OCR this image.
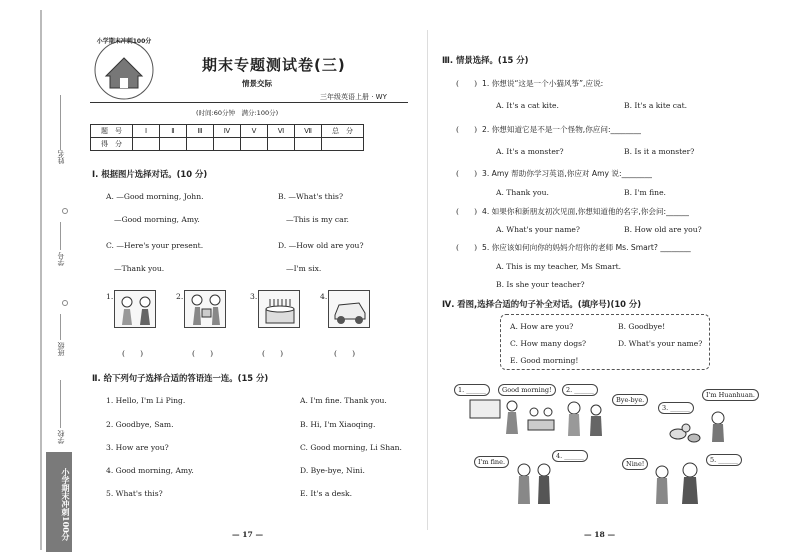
姓名
学号
班级
学校
小学期末冲刺100分
小学期末冲刺100分
期末专题测试卷(三)
情景交际
三年级英语上册 · WY
(时间:60分钟　满分:100分)
题　号	Ⅰ	Ⅱ	Ⅲ	Ⅳ	Ⅴ	Ⅵ	Ⅶ	总　分
得　分								
Ⅰ. 根据图片选择对话。(10 分)
A. —Good morning, John.
—Good morning, Amy.
B. —What's this?
—This is my car.
C. —Here's your present.
—Thank you.
D. —How old are you?
—I'm six.
1.	2.	3.	4.
(　　)	(　　)	(　　)	(　　)
Ⅱ. 给下列句子选择合适的答语连一连。(15 分)
1. Hello, I'm Li Ping.
2. Goodbye, Sam.
3. How are you?
4. Good morning, Amy.
5. What's this?
A. I'm fine. Thank you.
B. Hi, I'm Xiaoqing.
C. Good morning, Li Shan.
D. Bye-bye, Nini.
E. It's a desk.
— 17 —
Ⅲ. 情景选择。(15 分)
(　　) 1. 你想说“这是一个小猫风筝”,应说:
A. It's a cat kite.	B. It's a kite cat.
(　　) 2. 你想知道它是不是一个怪物,你应问:________
A. It's a monster?	B. Is it a monster?
(　　) 3. Amy 帮助你学习英语,你应对 Amy 说:________
A. Thank you.	B. I'm fine.
(　　) 4. 如果你和新朋友初次见面,你想知道他的名字,你会问:______
A. What's your name?	B. How old are you?
(　　) 5. 你应该如何向你的妈妈介绍你的老师 Ms. Smart? ________
A. This is my teacher, Ms Smart.
B. Is she your teacher?
Ⅳ. 看图,选择合适的句子补全对话。(填序号)(10 分)
A. How are you?	B. Goodbye!
C. How many dogs?	D. What's your name?
E. Good morning!
1. ______	Good morning!	2. ______
Bye-bye.
I'm Huanhuan.
3. ______
I'm fine.
4. ______
Nine!	5. ______
— 18 —
